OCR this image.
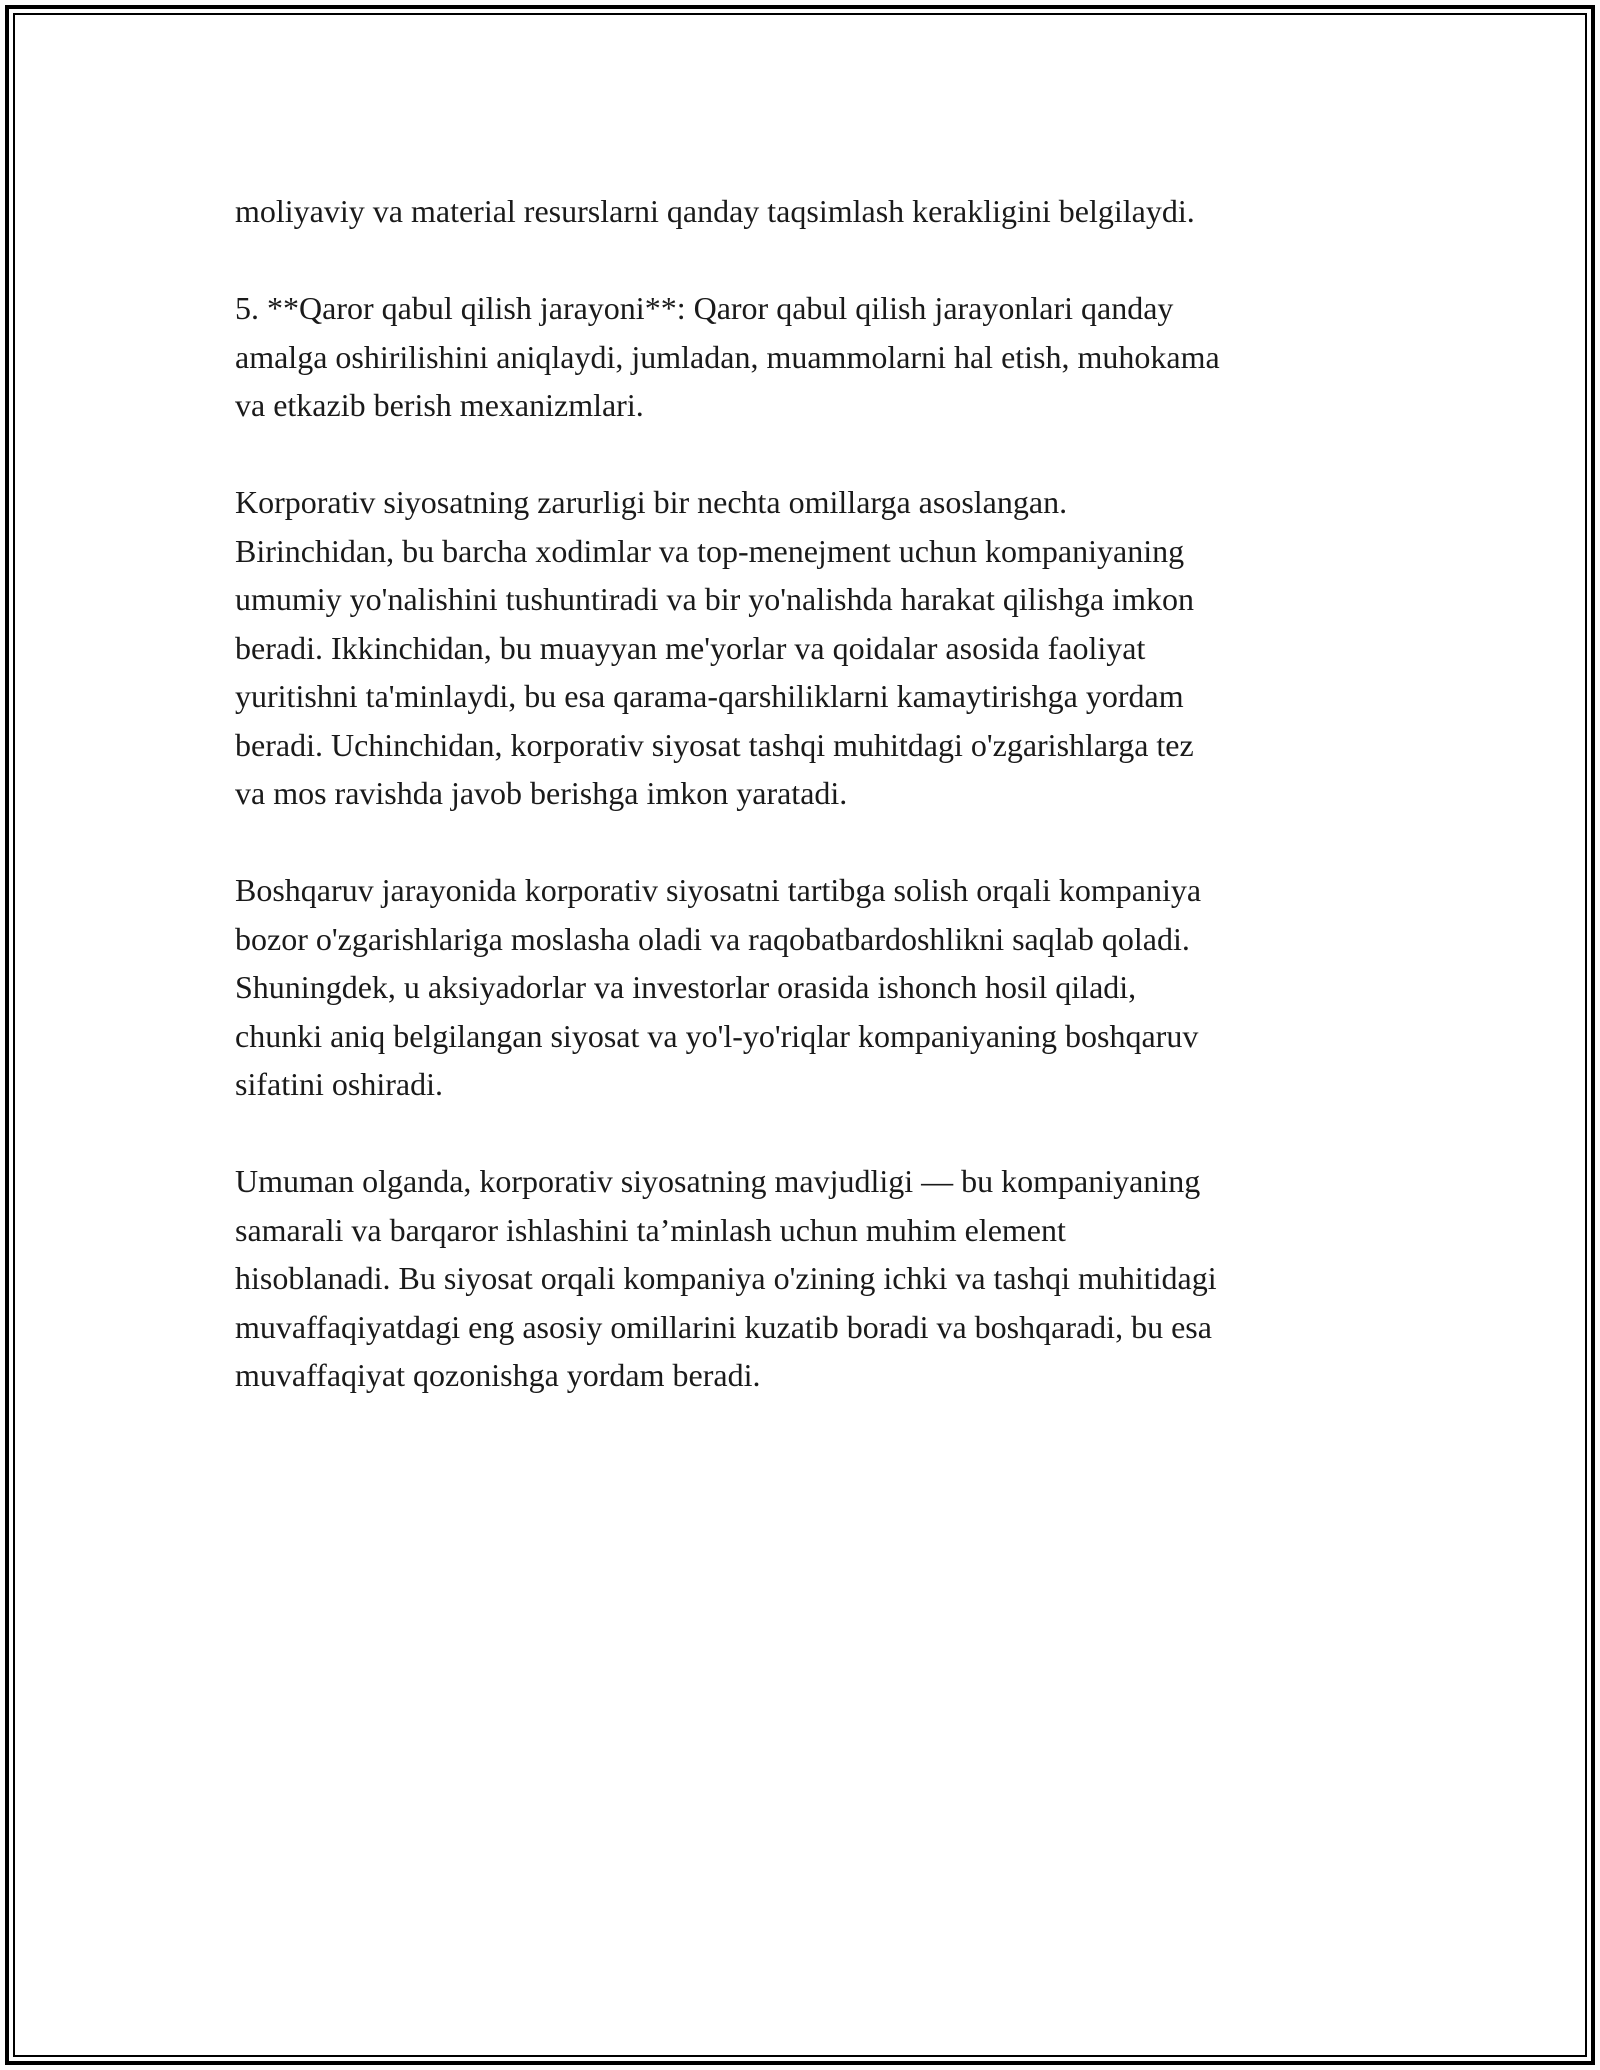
moliyaviy va material resurslarni qanday taqsimlash kerakligini belgilaydi.

5. **Qaror qabul qilish jarayoni**: Qaror qabul qilish jarayonlari qanday
amalga oshirilishini aniqlaydi, jumladan, muammolarni hal etish, muhokama
va etkazib berish mexanizmlari.

Korporativ siyosatning zarurligi bir nechta omillarga asoslangan.
Birinchidan, bu barcha xodimlar va top-menejment uchun kompaniyaning
umumiy yo'nalishini tushuntiradi va bir yo'nalishda harakat qilishga imkon
beradi. Ikkinchidan, bu muayyan me'yorlar va qoidalar asosida faoliyat
yuritishni ta'minlaydi, bu esa qarama-qarshiliklarni kamaytirishga yordam
beradi. Uchinchidan, korporativ siyosat tashqi muhitdagi o'zgarishlarga tez
va mos ravishda javob berishga imkon yaratadi.

Boshqaruv jarayonida korporativ siyosatni tartibga solish orqali kompaniya
bozor o'zgarishlariga moslasha oladi va raqobatbardoshlikni saqlab qoladi.
Shuningdek, u aksiyadorlar va investorlar orasida ishonch hosil qiladi,
chunki aniq belgilangan siyosat va yo'l-yo'riqlar kompaniyaning boshqaruv
sifatini oshiradi.

Umuman olganda, korporativ siyosatning mavjudligi — bu kompaniyaning
samarali va barqaror ishlashini ta’minlash uchun muhim element
hisoblanadi. Bu siyosat orqali kompaniya o'zining ichki va tashqi muhitidagi
muvaffaqiyatdagi eng asosiy omillarini kuzatib boradi va boshqaradi, bu esa
muvaffaqiyat qozonishga yordam beradi.
